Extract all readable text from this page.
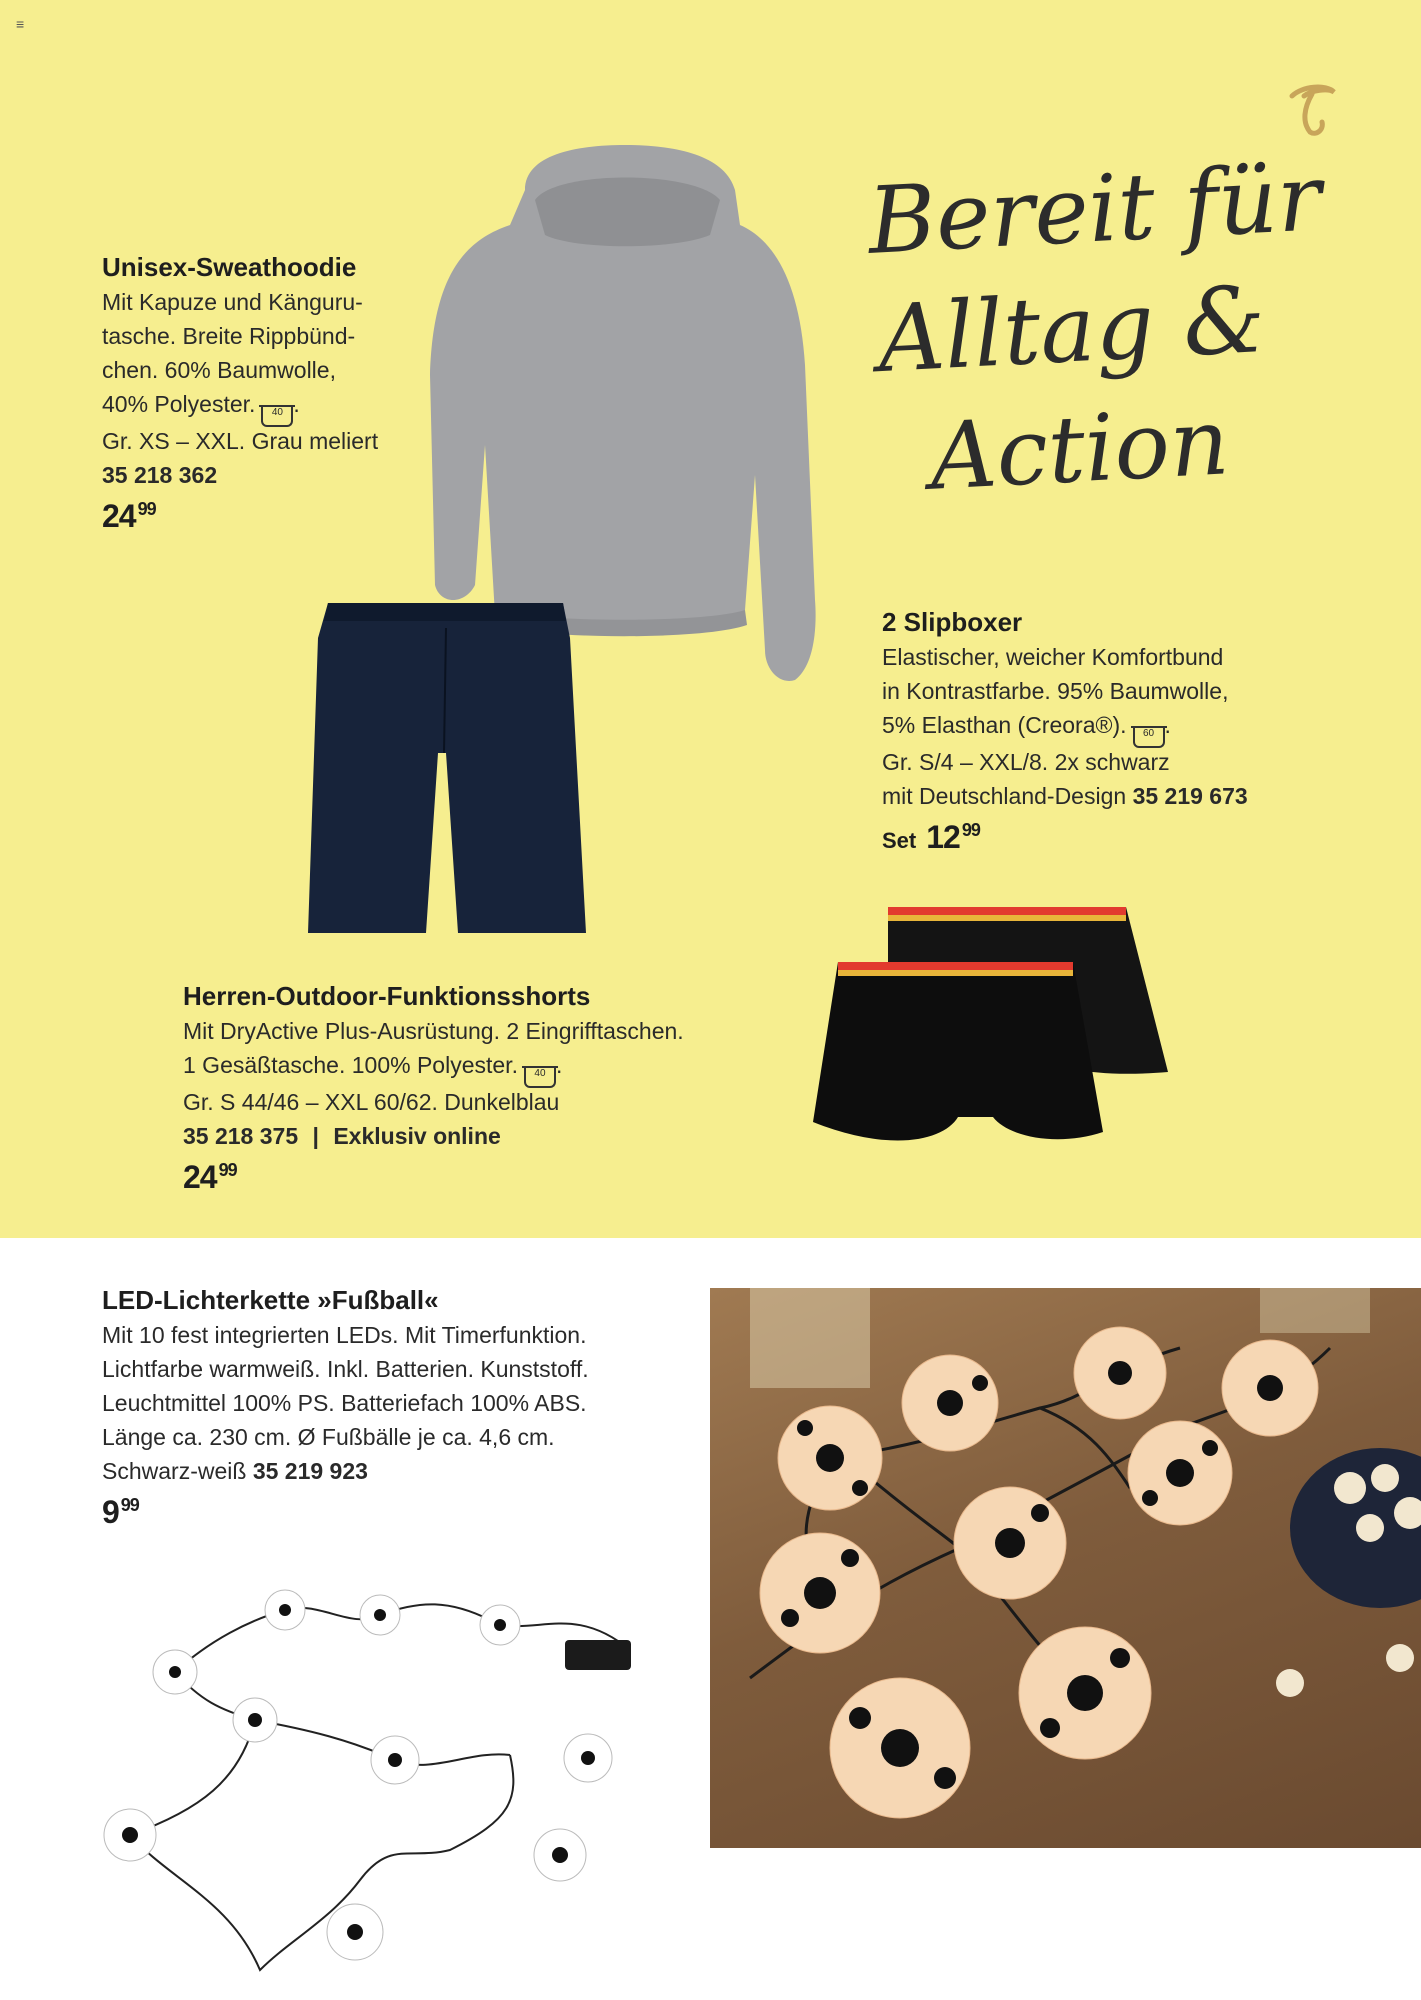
≡
Bereit für
Alltag &
Action
Unisex-Sweathoodie
Mit Kapuze und Känguru-
tasche. Breite Rippbünd-
chen. 60% Baumwolle,
40% Polyester. 40 .
Gr. XS – XXL. Grau meliert
35 218 362
24 $^{99}$
2 Slipboxer
Elastischer, weicher Komfortbund
in Kontrastfarbe. 95% Baumwolle,
5% Elasthan (Creora®). 60 .
Gr. S/4 – XXL/8. 2x schwarz
mit Deutschland-Design 35 219 673
Set 12 $^{99}$
Herren-Outdoor-Funktionsshorts
Mit DryActive Plus-Ausrüstung. 2 Eingrifftaschen.
1 Gesäßtasche. 100% Polyester. 40 .
Gr. S 44/46 – XXL 60/62. Dunkelblau
35 218 375 | Exklusiv online
24 $^{99}$
LED-Lichterkette »Fußball«
Mit 10 fest integrierten LEDs. Mit Timerfunktion.
Lichtfarbe warmweiß. Inkl. Batterien. Kunststoff.
Leuchtmittel 100% PS. Batteriefach 100% ABS.
Länge ca. 230 cm. Ø Fußbälle je ca. 4,6 cm.
Schwarz-weiß 35 219 923
9 $^{99}$
